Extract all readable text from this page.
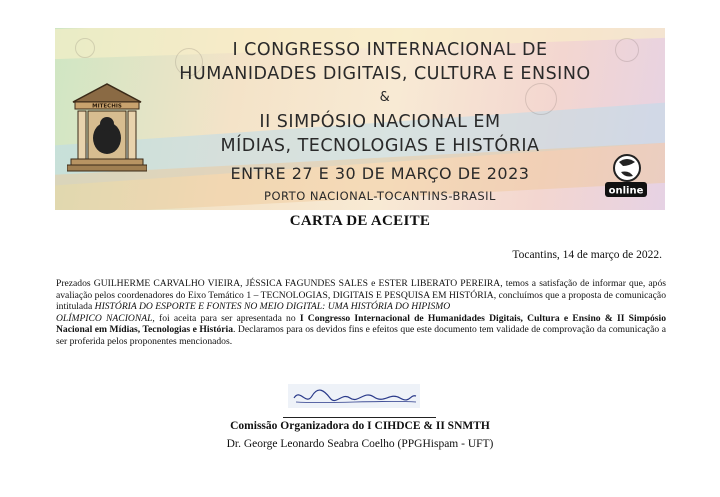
MITECHIS
I CONGRESSO INTERNACIONAL DE
HUMANIDADES DIGITAIS, CULTURA E ENSINO
&
II SIMPÓSIO NACIONAL EM
MÍDIAS, TECNOLOGIAS E HISTÓRIA
ENTRE 27 E 30 DE MARÇO DE 2023
PORTO NACIONAL-TOCANTINS-BRASIL	online
CARTA DE ACEITE
Tocantins, 14 de março de 2022.

Prezados GUILHERME CARVALHO VIEIRA, JÉSSICA FAGUNDES SALES e ESTER LIBERATO PEREIRA, temos a satisfação de informar que, após avaliação pelos coordenadores do Eixo Temático 1 – TECNOLOGIAS, DIGITAIS E PESQUISA EM HISTÓRIA, concluímos que a proposta de comunicação intitulada HISTÓRIA DO ESPORTE E FONTES NO MEIO DIGITAL: UMA HISTÓRIA DO HIPISMO
OLÍMPICO NACIONAL, foi aceita para ser apresentada no I Congresso Internacional de Humanidades Digitais, Cultura e Ensino & II Simpósio Nacional em Mídias, Tecnologias e História. Declaramos para os devidos fins e efeitos que este documento tem validade de comprovação da comunicação a ser proferida pelos proponentes mencionados.

Comissão Organizadora do I CIHDCE & II SNMTH
Dr. George Leonardo Seabra Coelho (PPGHispam - UFT)
